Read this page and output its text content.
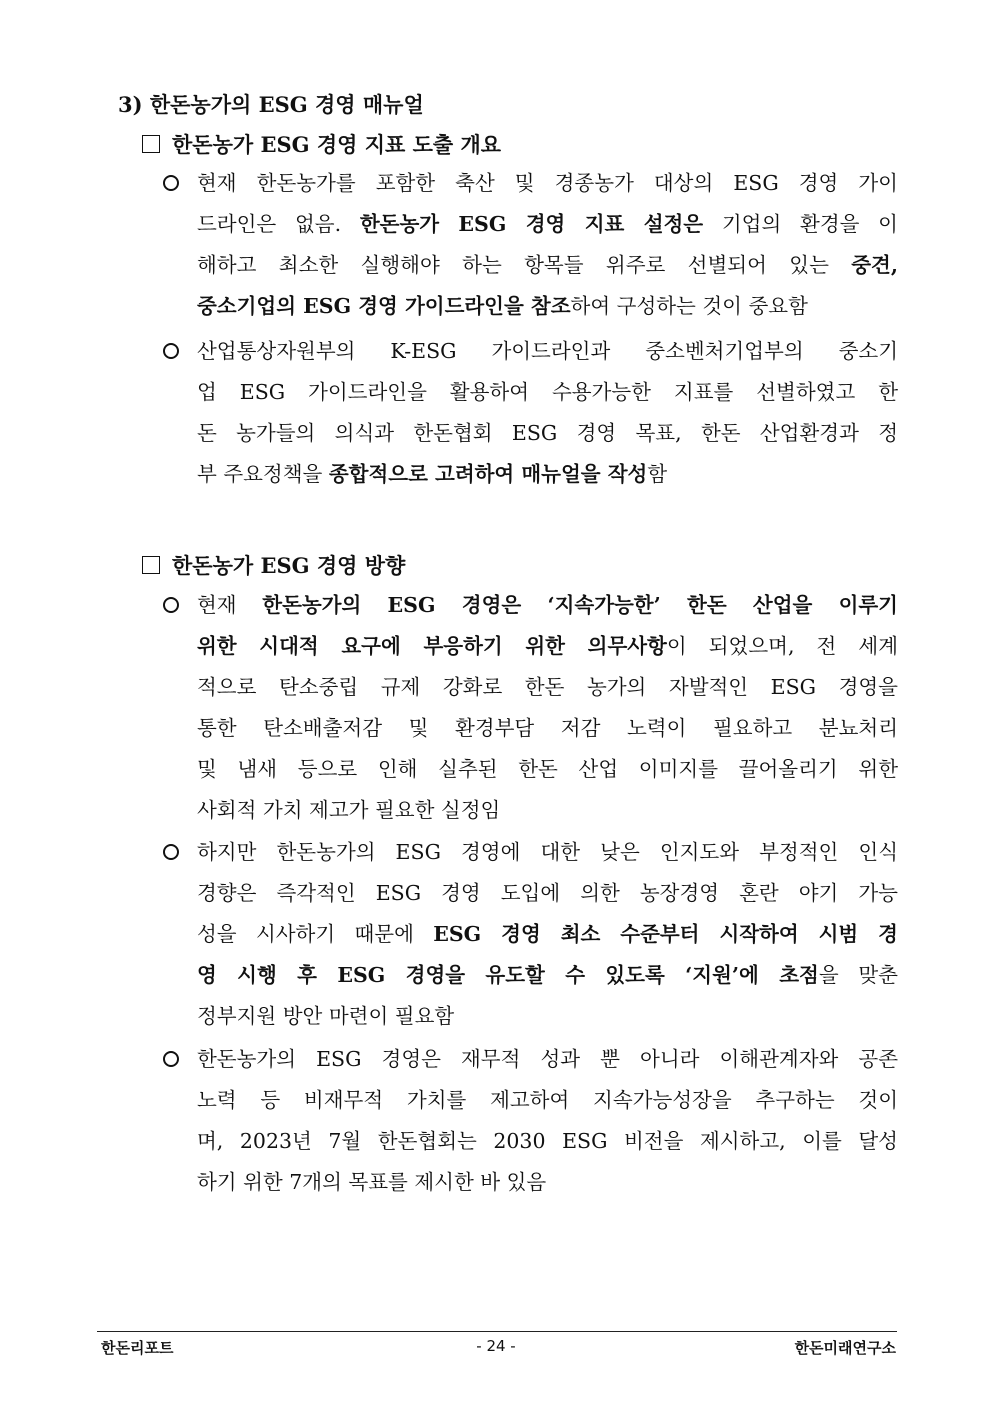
3) 한돈농가의 ESG 경영 매뉴얼
한돈농가 ESG 경영 지표 도출 개요
현재 한돈농가를 포함한 축산 및 경종농가 대상의 ESG 경영 가이
드라인은 없음. 한돈농가 ESG 경영 지표 설정은 기업의 환경을 이
해하고 최소한 실행해야 하는 항목들 위주로 선별되어 있는 중견,
중소기업의 ESG 경영 가이드라인을 참조하여 구성하는 것이 중요함
산업통상자원부의 K-ESG 가이드라인과 중소벤처기업부의 중소기
업 ESG 가이드라인을 활용하여 수용가능한 지표를 선별하였고 한
돈 농가들의 의식과 한돈협회 ESG 경영 목표, 한돈 산업환경과 정
부 주요정책을 종합적으로 고려하여 매뉴얼을 작성함
한돈농가 ESG 경영 방향
현재 한돈농가의 ESG 경영은 ‘지속가능한’ 한돈 산업을 이루기
위한 시대적 요구에 부응하기 위한 의무사항이 되었으며, 전 세계
적으로 탄소중립 규제 강화로 한돈 농가의 자발적인 ESG 경영을
통한 탄소배출저감 및 환경부담 저감 노력이 필요하고 분뇨처리
및 냄새 등으로 인해 실추된 한돈 산업 이미지를 끌어올리기 위한
사회적 가치 제고가 필요한 실정임
하지만 한돈농가의 ESG 경영에 대한 낮은 인지도와 부정적인 인식
경향은 즉각적인 ESG 경영 도입에 의한 농장경영 혼란 야기 가능
성을 시사하기 때문에 ESG 경영 최소 수준부터 시작하여 시범 경
영 시행 후 ESG 경영을 유도할 수 있도록 ‘지원’에 초점을 맞춘
정부지원 방안 마련이 필요함
한돈농가의 ESG 경영은 재무적 성과 뿐 아니라 이해관계자와 공존
노력 등 비재무적 가치를 제고하여 지속가능성장을 추구하는 것이
며, 2023년 7월 한돈협회는 2030 ESG 비전을 제시하고, 이를 달성
하기 위한 7개의 목표를 제시한 바 있음
한돈리포트	- 24 -	한돈미래연구소
